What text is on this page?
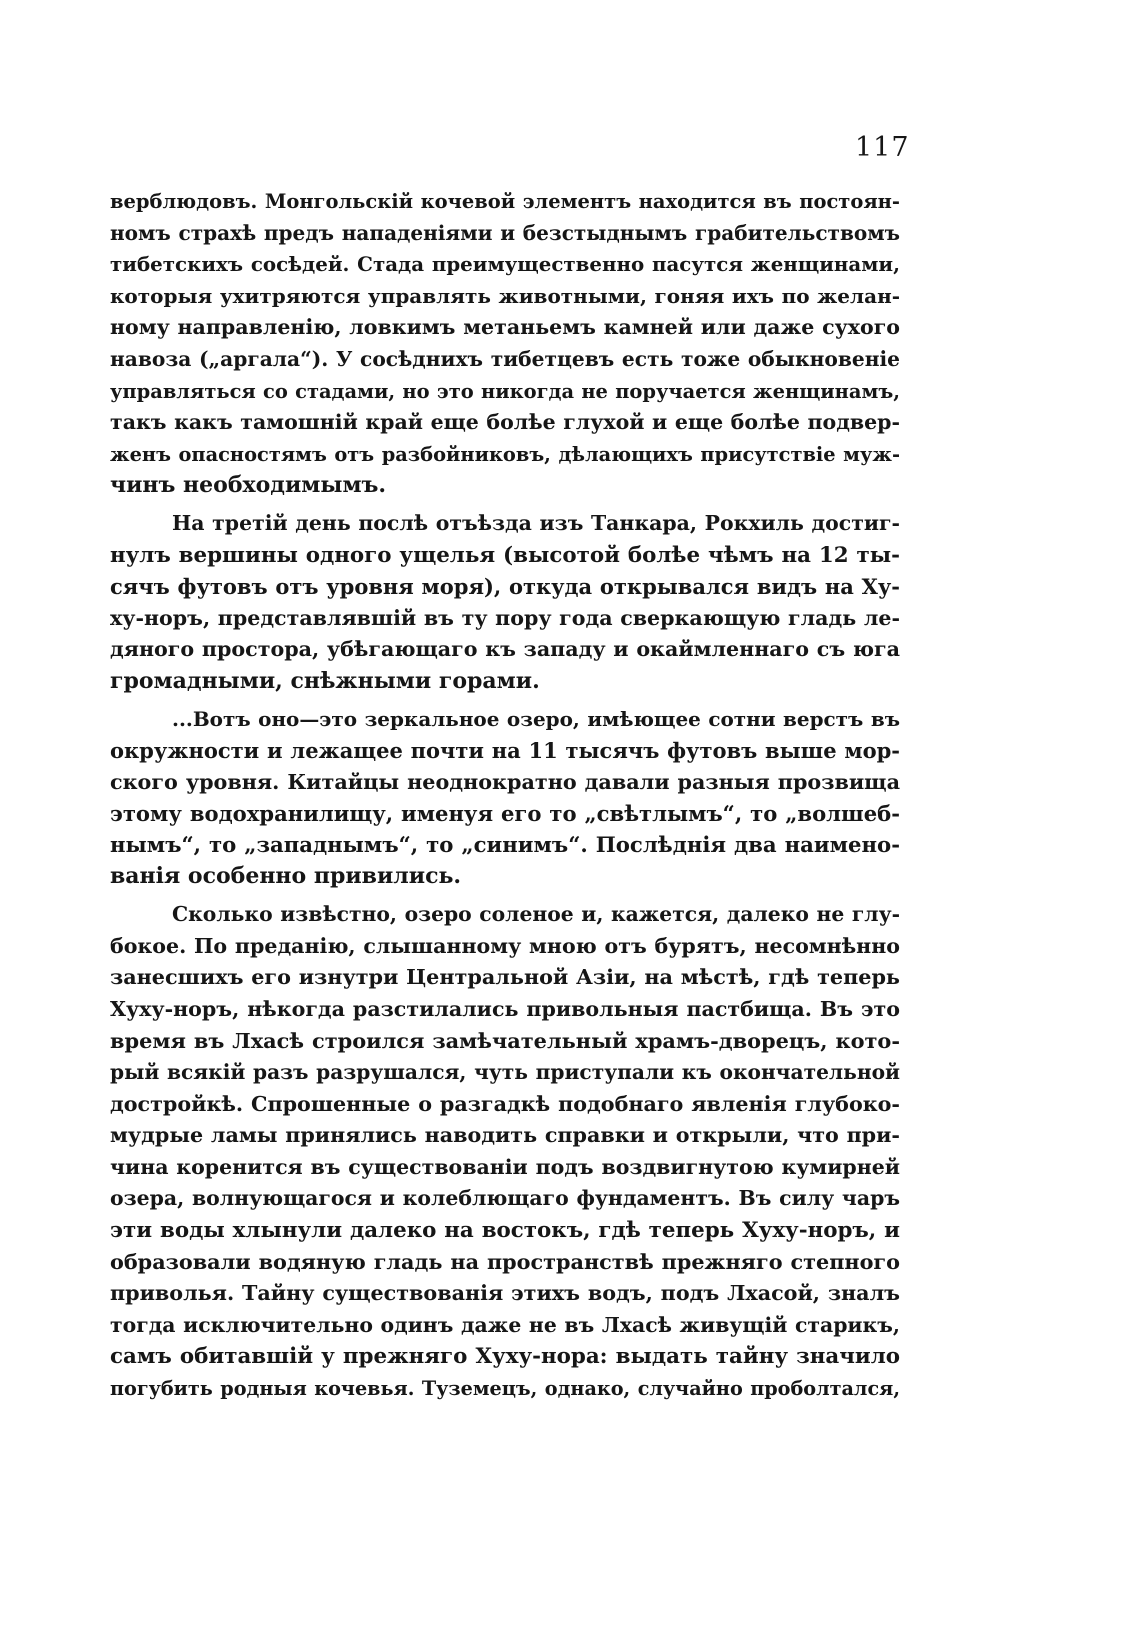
117
верблюдовъ. Монгольскій кочевой элементъ находится въ постоян-
номъ страхѣ предъ нападеніями и безстыднымъ грабительствомъ
тибетскихъ сосѣдей. Стада преимущественно пасутся женщинами,
которыя ухитряются управлять животными, гоняя ихъ по желан-
ному направленію, ловкимъ метаньемъ камней или даже сухого
навоза („аргала“). У сосѣднихъ тибетцевъ есть тоже обыкновеніе
управляться со стадами, но это никогда не поручается женщинамъ,
такъ какъ тамошній край еще болѣе глухой и еще болѣе подвер-
женъ опасностямъ отъ разбойниковъ, дѣлающихъ присутствіе муж-
чинъ необходимымъ.
На третій день послѣ отъѣзда изъ Танкара, Рокхиль достиг-
нулъ вершины одного ущелья (высотой болѣе чѣмъ на 12 ты-
сячъ футовъ отъ уровня моря), откуда открывался видъ на Ху-
ху-норъ, представлявшій въ ту пору года сверкающую гладь ле-
дяного простора, убѣгающаго къ западу и окаймленнаго съ юга
громадными, снѣжными горами.
...Вотъ оно—это зеркальное озеро, имѣющее сотни верстъ въ
окружности и лежащее почти на 11 тысячъ футовъ выше мор-
ского уровня. Китайцы неоднократно давали разныя прозвища
этому водохранилищу, именуя его то „свѣтлымъ“, то „волшеб-
нымъ“, то „западнымъ“, то „синимъ“. Послѣднія два наимено-
ванія особенно привились.
Сколько извѣстно, озеро соленое и, кажется, далеко не глу-
бокое. По преданію, слышанному мною отъ бурятъ, несомнѣнно
занесшихъ его изнутри Центральной Азіи, на мѣстѣ, гдѣ теперь
Хуху-норъ, нѣкогда разстилались привольныя пастбища. Въ это
время въ Лхасѣ строился замѣчательный храмъ-дворецъ, кото-
рый всякій разъ разрушался, чуть приступали къ окончательной
достройкѣ. Спрошенные о разгадкѣ подобнаго явленія глубоко-
мудрые ламы принялись наводить справки и открыли, что при-
чина коренится въ существованіи подъ воздвигнутою кумирней
озера, волнующагося и колеблющаго фундаментъ. Въ силу чаръ
эти воды хлынули далеко на востокъ, гдѣ теперь Хуху-норъ, и
образовали водяную гладь на пространствѣ прежняго степного
приволья. Тайну существованія этихъ водъ, подъ Лхасой, зналъ
тогда исключительно одинъ даже не въ Лхасѣ живущій старикъ,
самъ обитавшій у прежняго Хуху-нора: выдать тайну значило
погубить родныя кочевья. Туземецъ, однако, случайно проболтался,
